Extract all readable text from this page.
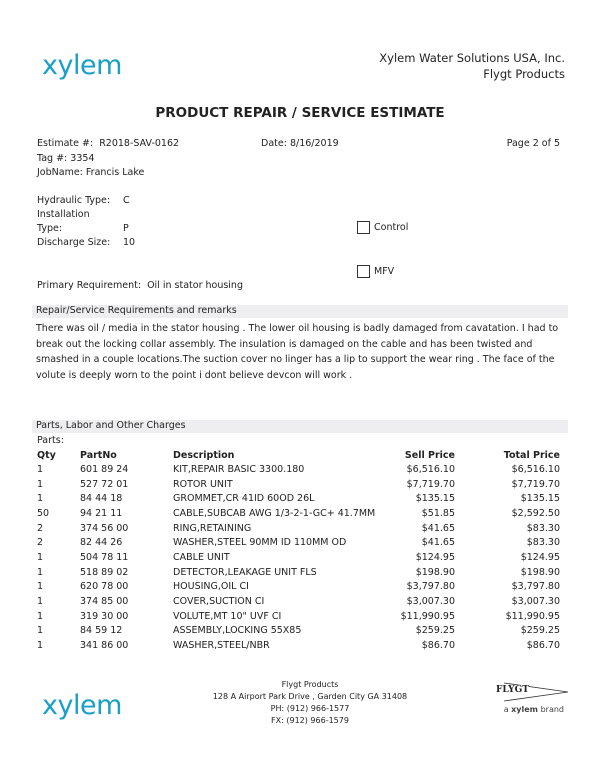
xylem	Xylem Water Solutions USA, Inc.
Flygt Products
PRODUCT REPAIR / SERVICE ESTIMATE
Estimate #: R2018-SAV-0162	Date: 8/16/2019	Page 2 of 5
Tag #: 3354
JobName: Francis Lake
Hydraulic Type: C
Installation
Type:	P
Discharge Size: 10
Control
MFV
Primary Requirement: Oil in stator housing
Repair/Service Requirements and remarks
There was oil / media in the stator housing . The lower oil housing is badly damaged from cavatation. I had to break out the locking collar assembly. The insulation is damaged on the cable and has been twisted and smashed in a couple locations.The suction cover no linger has a lip to support the wear ring . The face of the volute is deeply worn to the point i dont believe devcon will work .
Parts, Labor and Other Charges
Parts:
Qty	PartNo	Description	Sell Price	Total Price
1	601 89 24	KIT,REPAIR BASIC 3300.180	$6,516.10	$6,516.10
1	527 72 01	ROTOR UNIT	$7,719.70	$7,719.70
1	84 44 18	GROMMET,CR 41ID 60OD 26L	$135.15	$135.15
50	94 21 11	CABLE,SUBCAB AWG 1/3-2-1-GC+ 41.7MM	$51.85	$2,592.50
2	374 56 00	RING,RETAINING	$41.65	$83.30
2	82 44 26	WASHER,STEEL 90MM ID 110MM OD	$41.65	$83.30
1	504 78 11	CABLE UNIT	$124.95	$124.95
1	518 89 02	DETECTOR,LEAKAGE UNIT FLS	$198.90	$198.90
1	620 78 00	HOUSING,OIL CI	$3,797.80	$3,797.80
1	374 85 00	COVER,SUCTION CI	$3,007.30	$3,007.30
1	319 30 00	VOLUTE,MT 10" UVF CI	$11,990.95	$11,990.95
1	84 59 12	ASSEMBLY,LOCKING 55X85	$259.25	$259.25
1	341 86 00	WASHER,STEEL/NBR	$86.70	$86.70
xylem
Flygt Products
128 A Airport Park Drive , Garden City GA 31408
PH: (912) 966-1577
FX: (912) 966-1579
FLYGT
a xylem brand
